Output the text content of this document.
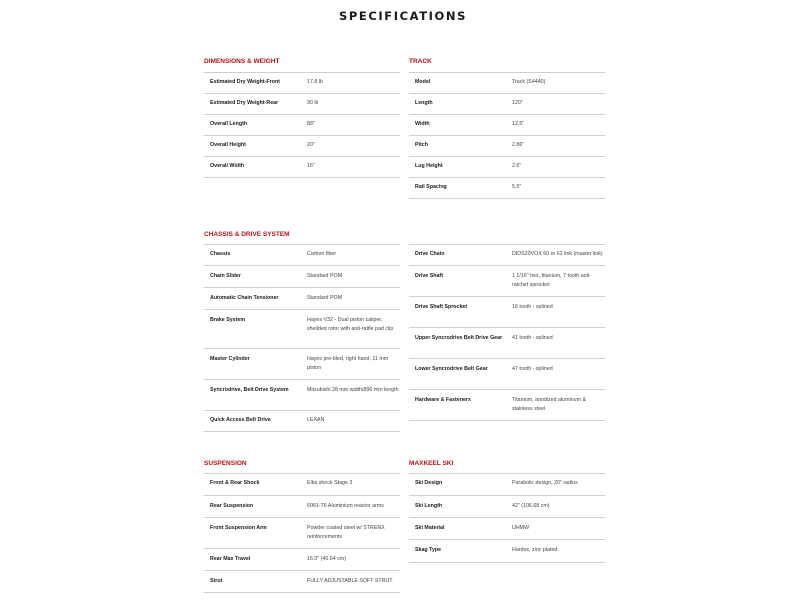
SPECIFICATIONS
DIMENSIONS & WEIGHT
Estimated Dry Weight-Front	17.8 lb
Estimated Dry Weight-Rear	90 lb
Overall Length	88"
Overall Height	20"
Overall Width	16"
TRACK
Model	Track (S4440)
Length	120"
Width	12.5"
Pitch	2.86"
Lug Height	2.6"
Rail Spacing	5.5"
CHASSIS & DRIVE SYSTEM
Chassis	Carbon fiber
Chain Slider	Standard POM
Automatic Chain Tensioner	Standard POM
Brake System	Hayes V32 - Dual piston caliper, sheilded rotor with anti-rattle pad clip
Master Cylinder	Hayes pre-bled, right hand, 11 mm piston
Syncrodrive, Belt Drive System	Mitsubishi 28 mm width/896 mm length
Quick Access Belt Drive	LEXAN
Drive Chain	DIDS20VOX 60 or 62 link (master link)
Drive Shaft	1 1/16" hex, titanium, 7 tooth anti-ratchet sprocket
Drive Shaft Sprocket	16 tooth - splined
Upper Syncrodrive Belt Drive Gear	41 tooth - splined
Lower Syncrodrive Belt Gear	47 tooth - splined
Hardware & Fasteners	Titanium, anodized aluminum & stainless steel
SUSPENSION
Front & Rear Shock	Elka shock Stage 3
Rear Suspension	6061-T6 Aluminium reactor arms
Front Suspension Arm	Powder coated steel w/ STRENX reinforcements
Rear Max Travel	16.0" (40.64 cm)
Strut	FULLY ADJUSTABLE SOFT STRUT
MAXKEEL SKI
Ski Design	Parabolic design, 20" radius
Ski Length	42" (106.68 cm)
Ski Material	UHMW
Skag Type	Hardox, zinc plated
